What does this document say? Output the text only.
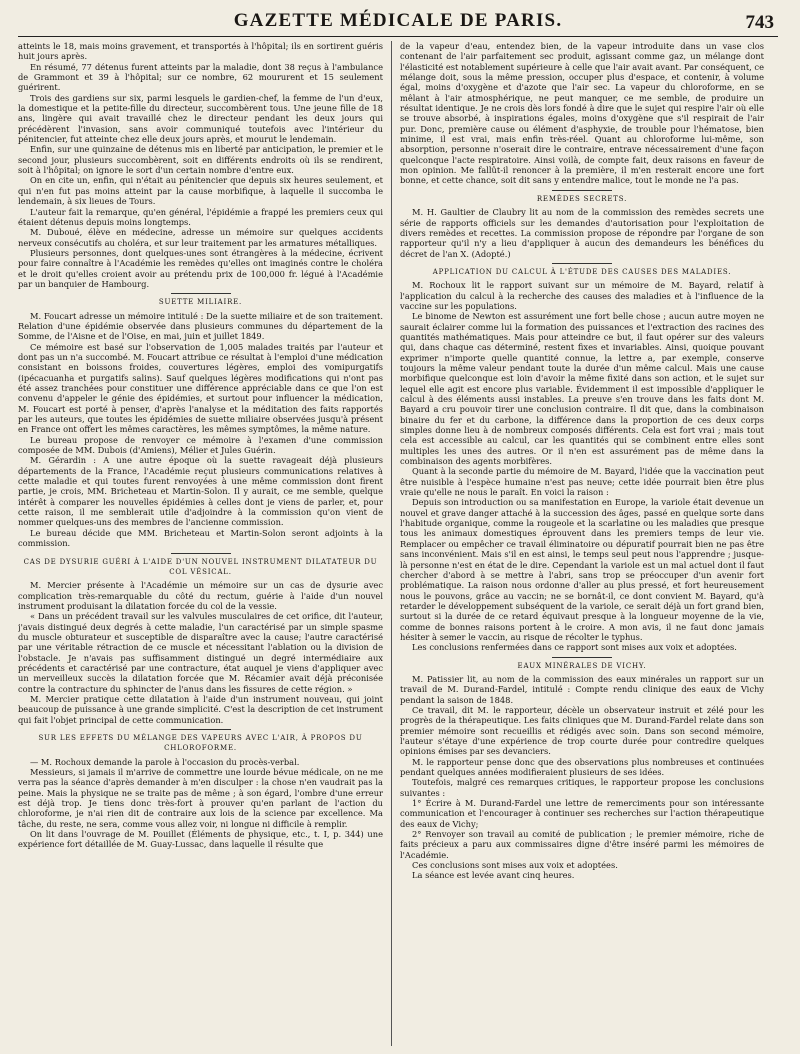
GAZETTE MÉDICALE DE PARIS.	743

atteints le 18, mais moins gravement, et transportés à l'hôpital; ils en sortirent guéris huit jours après.

En résumé, 77 détenus furent atteints par la maladie, dont 38 reçus à l'ambulance de Grammont et 39 à l'hôpital; sur ce nombre, 62 moururent et 15 seulement guérirent.

Trois des gardiens sur six, parmi lesquels le gardien-chef, la femme de l'un d'eux, la domestique et la petite-fille du directeur, succombèrent tous. Une jeune fille de 18 ans, lingère qui avait travaillé chez le directeur pendant les deux jours qui précédèrent l'invasion, sans avoir communiqué toutefois avec l'intérieur du pénitencier, fut atteinte chez elle deux jours après, et mourut le lendemain.

Enfin, sur une quinzaine de détenus mis en liberté par anticipation, le premier et le second jour, plusieurs succombèrent, soit en différents endroits où ils se rendirent, soit à l'hôpital; on ignore le sort d'un certain nombre d'entre eux.

On en cite un, enfin, qui n'était au pénitencier que depuis six heures seulement, et qui n'en fut pas moins atteint par la cause morbifique, à laquelle il succomba le lendemain, à six lieues de Tours.

L'auteur fait la remarque, qu'en général, l'épidémie a frappé les premiers ceux qui étaient détenus depuis moins longtemps.

M. Duboué, élève en médecine, adresse un mémoire sur quelques accidents nerveux consécutifs au choléra, et sur leur traitement par les armatures métalliques.

Plusieurs personnes, dont quelques-unes sont étrangères à la médecine, écrivent pour faire connaître à l'Académie les remèdes qu'elles ont imaginés contre le choléra et le droit qu'elles croient avoir au prétendu prix de 100,000 fr. légué à l'Académie par un banquier de Hambourg.

SUETTE MILIAIRE.

M. Foucart adresse un mémoire intitulé : De la suette miliaire et de son traitement. Relation d'une épidémie observée dans plusieurs communes du département de la Somme, de l'Aisne et de l'Oise, en mai, juin et juillet 1849.

Ce mémoire est basé sur l'observation de 1,005 malades traités par l'auteur et dont pas un n'a succombé. M. Foucart attribue ce résultat à l'emploi d'une médication consistant en boissons froides, couvertures légères, emploi des vomipurgatifs (ipécacuanha et purgatifs salins). Sauf quelques légères modifications qui n'ont pas été assez tranchées pour constituer une différence appréciable dans ce que l'on est convenu d'appeler le génie des épidémies, et surtout pour influencer la médication, M. Foucart est porté à penser, d'après l'analyse et la méditation des faits rapportés par les auteurs, que toutes les épidémies de suette miliaire observées jusqu'à présent en France ont offert les mêmes caractères, les mêmes symptômes, la même nature.

Le bureau propose de renvoyer ce mémoire à l'examen d'une commission composée de MM. Dubois (d'Amiens), Mélier et Jules Guérin.

M. Gérardin : A une autre époque où la suette ravageait déjà plusieurs départements de la France, l'Académie reçut plusieurs communications relatives à cette maladie et qui toutes furent renvoyées à une même commission dont firent partie, je crois, MM. Bricheteau et Martin-Solon. Il y aurait, ce me semble, quelque intérêt à comparer les nouvelles épidémies à celles dont je viens de parler, et, pour cette raison, il me semblerait utile d'adjoindre à la commission qu'on vient de nommer quelques-uns des membres de l'ancienne commission.

Le bureau décide que MM. Bricheteau et Martin-Solon seront adjoints à la commission.

CAS DE DYSURIE GUÉRI À L'AIDE D'UN NOUVEL INSTRUMENT DILATATEUR DU COL VÉSICAL.

M. Mercier présente à l'Académie un mémoire sur un cas de dysurie avec complication très-remarquable du côté du rectum, guérie à l'aide d'un nouvel instrument produisant la dilatation forcée du col de la vessie.

« Dans un précédent travail sur les valvules musculaires de cet orifice, dit l'auteur, j'avais distingué deux degrés à cette maladie, l'un caractérisé par un simple spasme du muscle obturateur et susceptible de disparaître avec la cause; l'autre caractérisé par une véritable rétraction de ce muscle et nécessitant l'ablation ou la division de l'obstacle. Je n'avais pas suffisamment distingué un degré intermédiaire aux précédents et caractérisé par une contracture, état auquel je viens d'appliquer avec un merveilleux succès la dilatation forcée que M. Récamier avait déjà préconisée contre la contracture du sphincter de l'anus dans les fissures de cette région. »

M. Mercier pratique cette dilatation à l'aide d'un instrument nouveau, qui joint beaucoup de puissance à une grande simplicité. C'est la description de cet instrument qui fait l'objet principal de cette communication.

SUR LES EFFETS DU MÉLANGE DES VAPEURS AVEC L'AIR, À PROPOS DU CHLOROFORME.

— M. Rochoux demande la parole à l'occasion du procès-verbal.

Messieurs, si jamais il m'arrive de commettre une lourde bévue médicale, on ne me verra pas la séance d'après demander à m'en disculper : la chose n'en vaudrait pas la peine. Mais la physique ne se traite pas de même ; à son égard, l'ombre d'une erreur est déjà trop. Je tiens donc très-fort à prouver qu'en parlant de l'action du chloroforme, je n'ai rien dit de contraire aux lois de la science par excellence. Ma tâche, du reste, ne sera, comme vous allez voir, ni longue ni difficile à remplir.

On lit dans l'ouvrage de M. Pouillet (Éléments de physique, etc., t. I, p. 344) une expérience fort détaillée de M. Guay-Lussac, dans laquelle il résulte que

de la vapeur d'eau, entendez bien, de la vapeur introduite dans un vase clos contenant de l'air parfaitement sec produit, agissant comme gaz, un mélange dont l'élasticité est notablement supérieure à celle que l'air avait avant. Par conséquent, ce mélange doit, sous la même pression, occuper plus d'espace, et contenir, à volume égal, moins d'oxygène et d'azote que l'air sec. La vapeur du chloroforme, en se mêlant à l'air atmosphérique, ne peut manquer, ce me semble, de produire un résultat identique. Je ne crois dès lors fondé à dire que le sujet qui respire l'air où elle se trouve absorbé, à inspirations égales, moins d'oxygène que s'il respirait de l'air pur. Donc, première cause ou élément d'asphyxie, de trouble pour l'hématose, bien minime, il est vrai, mais enfin très-réel. Quant au chloroforme lui-même, son absorption, personne n'oserait dire le contraire, entrave nécessairement d'une façon quelconque l'acte respiratoire. Ainsi voilà, de compte fait, deux raisons en faveur de mon opinion. Me fallût-il renoncer à la première, il m'en resterait encore une fort bonne, et cette chance, soit dit sans y entendre malice, tout le monde ne l'a pas.

REMÈDES SECRETS.

M. H. Gaultier de Claubry lit au nom de la commission des remèdes secrets une série de rapports officiels sur les demandes d'autorisation pour l'exploitation de divers remèdes et recettes. La commission propose de répondre par l'organe de son rapporteur qu'il n'y a lieu d'appliquer à aucun des demandeurs les bénéfices du décret de l'an X. (Adopté.)

APPLICATION DU CALCUL À L'ÉTUDE DES CAUSES DES MALADIES.

M. Rochoux lit le rapport suivant sur un mémoire de M. Bayard, relatif à l'application du calcul à la recherche des causes des maladies et à l'influence de la vaccine sur les populations.

Le binome de Newton est assurément une fort belle chose ; aucun autre moyen ne saurait éclairer comme lui la formation des puissances et l'extraction des racines des quantités mathématiques. Mais pour atteindre ce but, il faut opérer sur des valeurs qui, dans chaque cas déterminé, restent fixes et invariables. Ainsi, quoique pouvant exprimer n'importe quelle quantité connue, la lettre a, par exemple, conserve toujours la même valeur pendant toute la durée d'un même calcul. Mais une cause morbifique quelconque est loin d'avoir la même fixité dans son action, et le sujet sur lequel elle agit est encore plus variable. Évidemment il est impossible d'appliquer le calcul à des éléments aussi instables. La preuve s'en trouve dans les faits dont M. Bayard a cru pouvoir tirer une conclusion contraire. Il dit que, dans la combinaison binaire du fer et du carbone, la différence dans la proportion de ces deux corps simples donne lieu à de nombreux composés différents. Cela est fort vrai ; mais tout cela est accessible au calcul, car les quantités qui se combinent entre elles sont multiples les unes des autres. Or il n'en est assurément pas de même dans la combinaison des agents morbifères.

Quant à la seconde partie du mémoire de M. Bayard, l'idée que la vaccination peut être nuisible à l'espèce humaine n'est pas neuve; cette idée pourrait bien être plus vraie qu'elle ne nous le paraît. En voici la raison :

Depuis son introduction ou sa manifestation en Europe, la variole était devenue un nouvel et grave danger attaché à la succession des âges, passé en quelque sorte dans l'habitude organique, comme la rougeole et la scarlatine ou les maladies que presque tous les animaux domestiques éprouvent dans les premiers temps de leur vie. Remplacer ou empêcher ce travail éliminatoire ou dépuratif pourrait bien ne pas être sans inconvénient. Mais s'il en est ainsi, le temps seul peut nous l'apprendre ; jusque-là personne n'est en état de le dire. Cependant la variole est un mal actuel dont il faut chercher d'abord à se mettre à l'abri, sans trop se préoccuper d'un avenir fort problématique. La raison nous ordonne d'aller au plus pressé, et fort heureusement nous le pouvons, grâce au vaccin; ne se bornât-il, ce dont convient M. Bayard, qu'à retarder le développement subséquent de la variole, ce serait déjà un fort grand bien, surtout si la durée de ce retard équivaut presque à la longueur moyenne de la vie, comme de bonnes raisons portent à le croire. A mon avis, il ne faut donc jamais hésiter à semer le vaccin, au risque de récolter le typhus.

Les conclusions renfermées dans ce rapport sont mises aux voix et adoptées.

EAUX MINÉRALES DE VICHY.

M. Patissier lit, au nom de la commission des eaux minérales un rapport sur un travail de M. Durand-Fardel, intitulé : Compte rendu clinique des eaux de Vichy pendant la saison de 1848.

Ce travail, dit M. le rapporteur, décèle un observateur instruit et zélé pour les progrès de la thérapeutique. Les faits cliniques que M. Durand-Fardel relate dans son premier mémoire sont recueillis et rédigés avec soin. Dans son second mémoire, l'auteur s'étaye d'une expérience de trop courte durée pour contredire quelques opinions émises par ses devanciers.

M. le rapporteur pense donc que des observations plus nombreuses et continuées pendant quelques années modifieraient plusieurs de ses idées.

Toutefois, malgré ces remarques critiques, le rapporteur propose les conclusions suivantes :

1° Écrire à M. Durand-Fardel une lettre de remerciments pour son intéressante communication et l'encourager à continuer ses recherches sur l'action thérapeutique des eaux de Vichy;

2° Renvoyer son travail au comité de publication ; le premier mémoire, riche de faits précieux a paru aux commissaires digne d'être inséré parmi les mémoires de l'Académie.

Ces conclusions sont mises aux voix et adoptées.

La séance est levée avant cinq heures.
